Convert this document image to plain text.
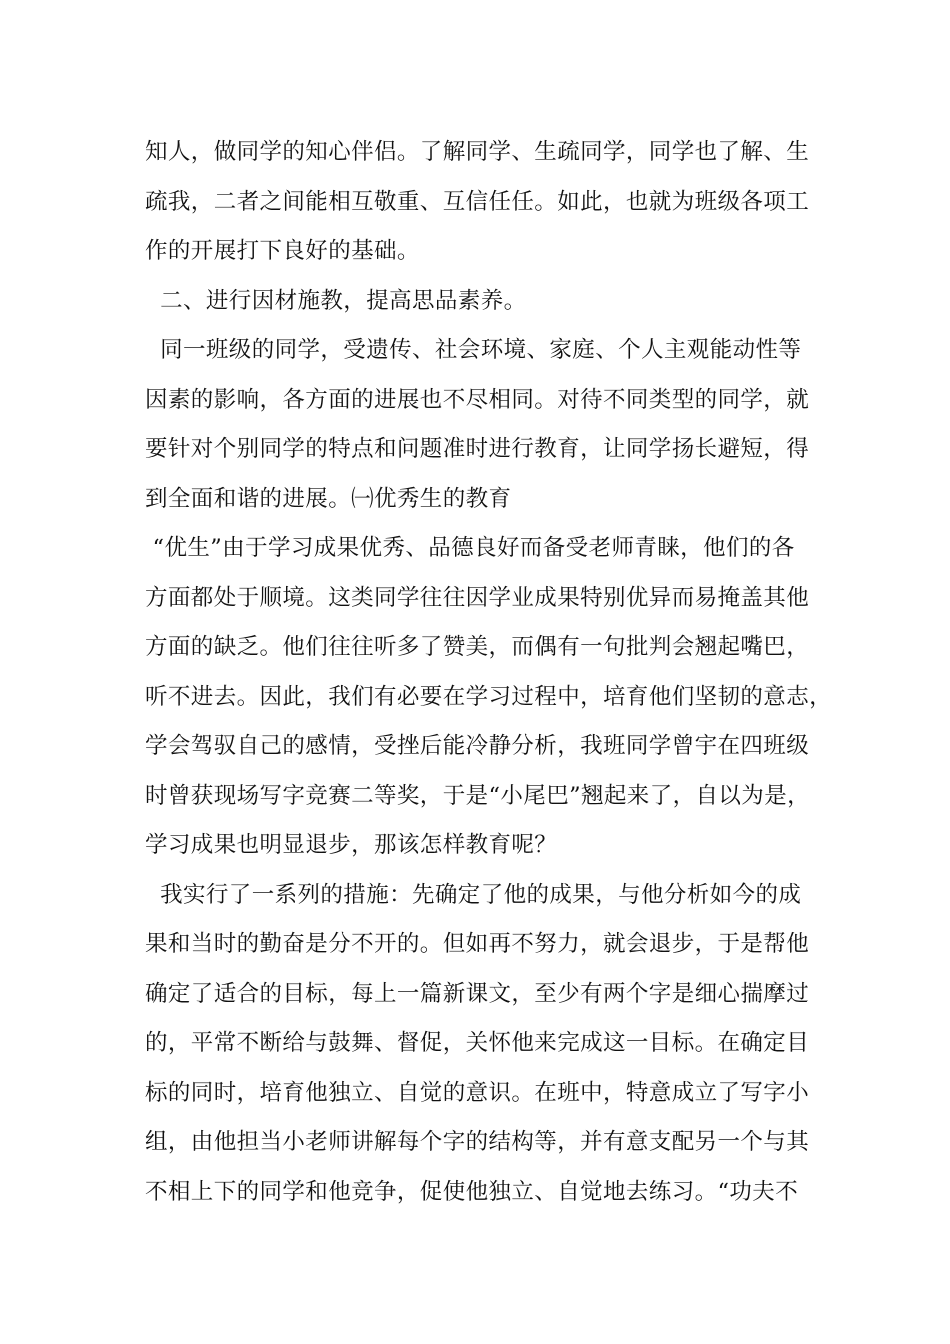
知人，做同学的知心伴侣。了解同学、生疏同学，同学也了解、生
疏我，二者之间能相互敬重、互信任任。如此，也就为班级各项工
作的开展打下良好的基础。
二、进行因材施教，提高思品素养。
同一班级的同学，受遗传、社会环境、家庭、个人主观能动性等
因素的影响，各方面的进展也不尽相同。对待不同类型的同学，就
要针对个别同学的特点和问题准时进行教育，让同学扬长避短，得
到全面和谐的进展。㈠优秀生的教育
“优生”由于学习成果优秀、品德良好而备受老师青睐，他们的各
方面都处于顺境。这类同学往往因学业成果特别优异而易掩盖其他
方面的缺乏。他们往往听多了赞美，而偶有一句批判会翘起嘴巴，
听不进去。因此，我们有必要在学习过程中，培育他们坚韧的意志，
学会驾驭自己的感情，受挫后能冷静分析，我班同学曾宇在四班级
时曾获现场写字竞赛二等奖，于是“小尾巴”翘起来了，自以为是，
学习成果也明显退步，那该怎样教育呢？
我实行了一系列的措施：先确定了他的成果，与他分析如今的成
果和当时的勤奋是分不开的。但如再不努力，就会退步，于是帮他
确定了适合的目标，每上一篇新课文，至少有两个字是细心揣摩过
的，平常不断给与鼓舞、督促，关怀他来完成这一目标。在确定目
标的同时，培育他独立、自觉的意识。在班中，特意成立了写字小
组，由他担当小老师讲解每个字的结构等，并有意支配另一个与其
不相上下的同学和他竞争，促使他独立、自觉地去练习。“功夫不
